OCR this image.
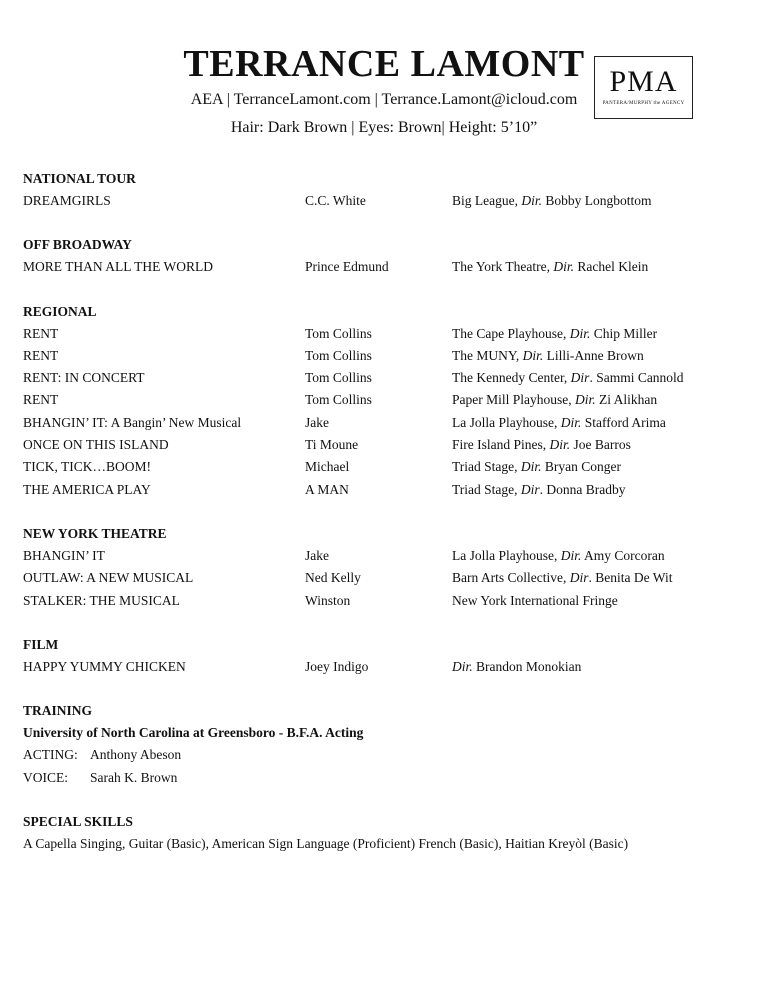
TERRANCE LAMONT
AEA | TerranceLamont.com | Terrance.Lamont@icloud.com
Hair: Dark Brown | Eyes: Brown| Height: 5’10”
PMA
PANTERA/MURPHY the AGENCY
NATIONAL TOUR
DREAMGIRLS	C.C. White	Big League, Dir. Bobby Longbottom
OFF BROADWAY
MORE THAN ALL THE WORLD	Prince Edmund	The York Theatre, Dir. Rachel Klein
REGIONAL
RENT	Tom Collins	The Cape Playhouse, Dir. Chip Miller
RENT	Tom Collins	The MUNY, Dir. Lilli-Anne Brown
RENT: IN CONCERT	Tom Collins	The Kennedy Center, Dir. Sammi Cannold
RENT	Tom Collins	Paper Mill Playhouse, Dir. Zi Alikhan
BHANGIN’ IT: A Bangin’ New Musical	Jake	La Jolla Playhouse, Dir. Stafford Arima
ONCE ON THIS ISLAND	Ti Moune	Fire Island Pines, Dir. Joe Barros
TICK, TICK…BOOM!	Michael	Triad Stage, Dir. Bryan Conger
THE AMERICA PLAY	A MAN	Triad Stage, Dir. Donna Bradby
NEW YORK THEATRE
BHANGIN’ IT	Jake	La Jolla Playhouse, Dir. Amy Corcoran
OUTLAW: A NEW MUSICAL	Ned Kelly	Barn Arts Collective, Dir. Benita De Wit
STALKER: THE MUSICAL	Winston	New York International Fringe
FILM
HAPPY YUMMY CHICKEN	Joey Indigo	Dir. Brandon Monokian
TRAINING
University of North Carolina at Greensboro - B.F.A. Acting
ACTING: Anthony Abeson
VOICE:	Sarah K. Brown
SPECIAL SKILLS
A Capella Singing, Guitar (Basic), American Sign Language (Proficient) French (Basic), Haitian Kreyòl (Basic)
